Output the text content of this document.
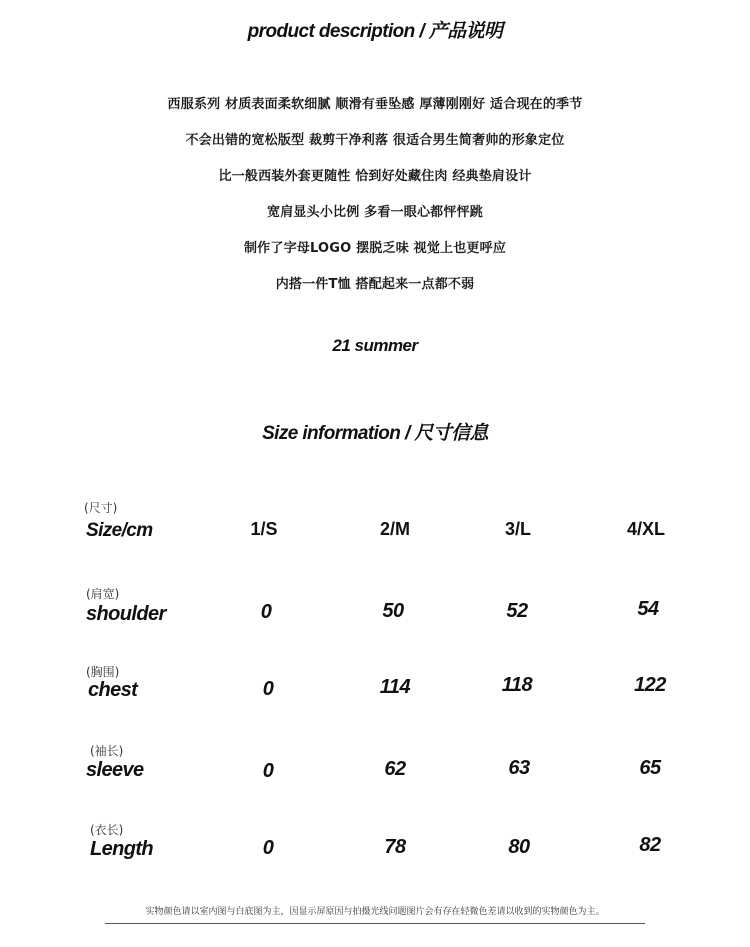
product description / 产品说明
西服系列 材质表面柔软细腻 顺滑有垂坠感 厚薄刚刚好 适合现在的季节
不会出错的宽松版型 裁剪干净利落 很适合男生简奢帅的形象定位
比一般西装外套更随性 恰到好处藏住肉 经典垫肩设计
宽肩显头小比例 多看一眼心都怦怦跳
制作了字母LOGO 摆脱乏味 视觉上也更呼应
内搭一件T恤 搭配起来一点都不弱
21 summer
Size information / 尺寸信息
(尺寸)
Size/cm	1/S	2/M	3/L	4/XL
(肩宽)
shoulder	0	50	52	54
(胸围)
chest	0	114	118	122
(袖长)
sleeve	0	62	63	65
(衣长)
Length	0	78	80	82
实物颜色请以室内图与白底图为主，因显示屏原因与拍摄光线问题图片会有存在轻微色差请以收到的实物颜色为主。
